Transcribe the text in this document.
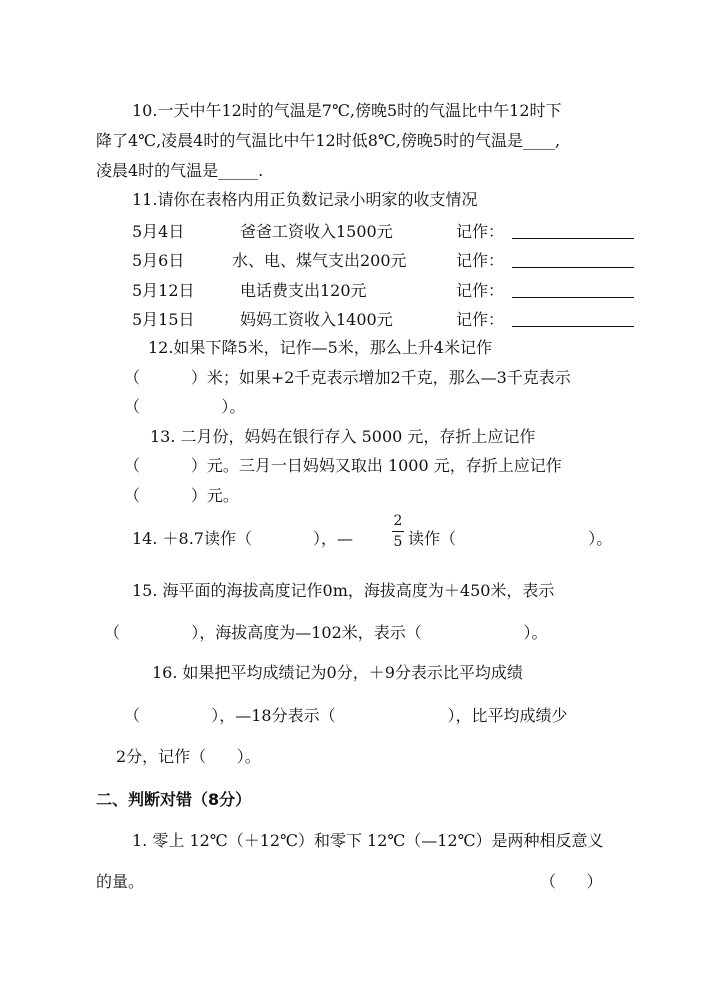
10.一天中午12时的气温是7℃,傍晚5时的气温比中午12时下
降了4℃,凌晨4时的气温比中午12时低8℃,傍晚5时的气温是____,
凌晨4时的气温是_____.
11.请你在表格内用正负数记录小明家的收支情况
5月4日	爸爸工资收入1500元	记作：
5月6日	水、电、煤气支出200元	记作：
5月12日	电话费支出120元	记作：
5月15日	妈妈工资收入1400元	记作：
12.如果下降5米，记作—5米，那么上升4米记作
（          ）米；如果+2千克表示增加2千克，那么—3千克表示
（                ）。
13. 二月份，妈妈在银行存入 5000 元，存折上应记作
（          ）元。三月一日妈妈又取出 1000 元，存折上应记作
（          ）元。
14. ＋8.7读作（            ），—
2
5 读作（                          ）。
15. 海平面的海拔高度记作0m，海拔高度为＋450米，表示
（              ），海拔高度为—102米，表示（                    ）。
16. 如果把平均成绩记为0分，＋9分表示比平均成绩
（              ），—18分表示（                      ），比平均成绩少
2分，记作（      ）。
二、判断对错（8分）
1. 零上 12℃（＋12℃）和零下 12℃（—12℃）是两种相反意义
的量。	（      ）
